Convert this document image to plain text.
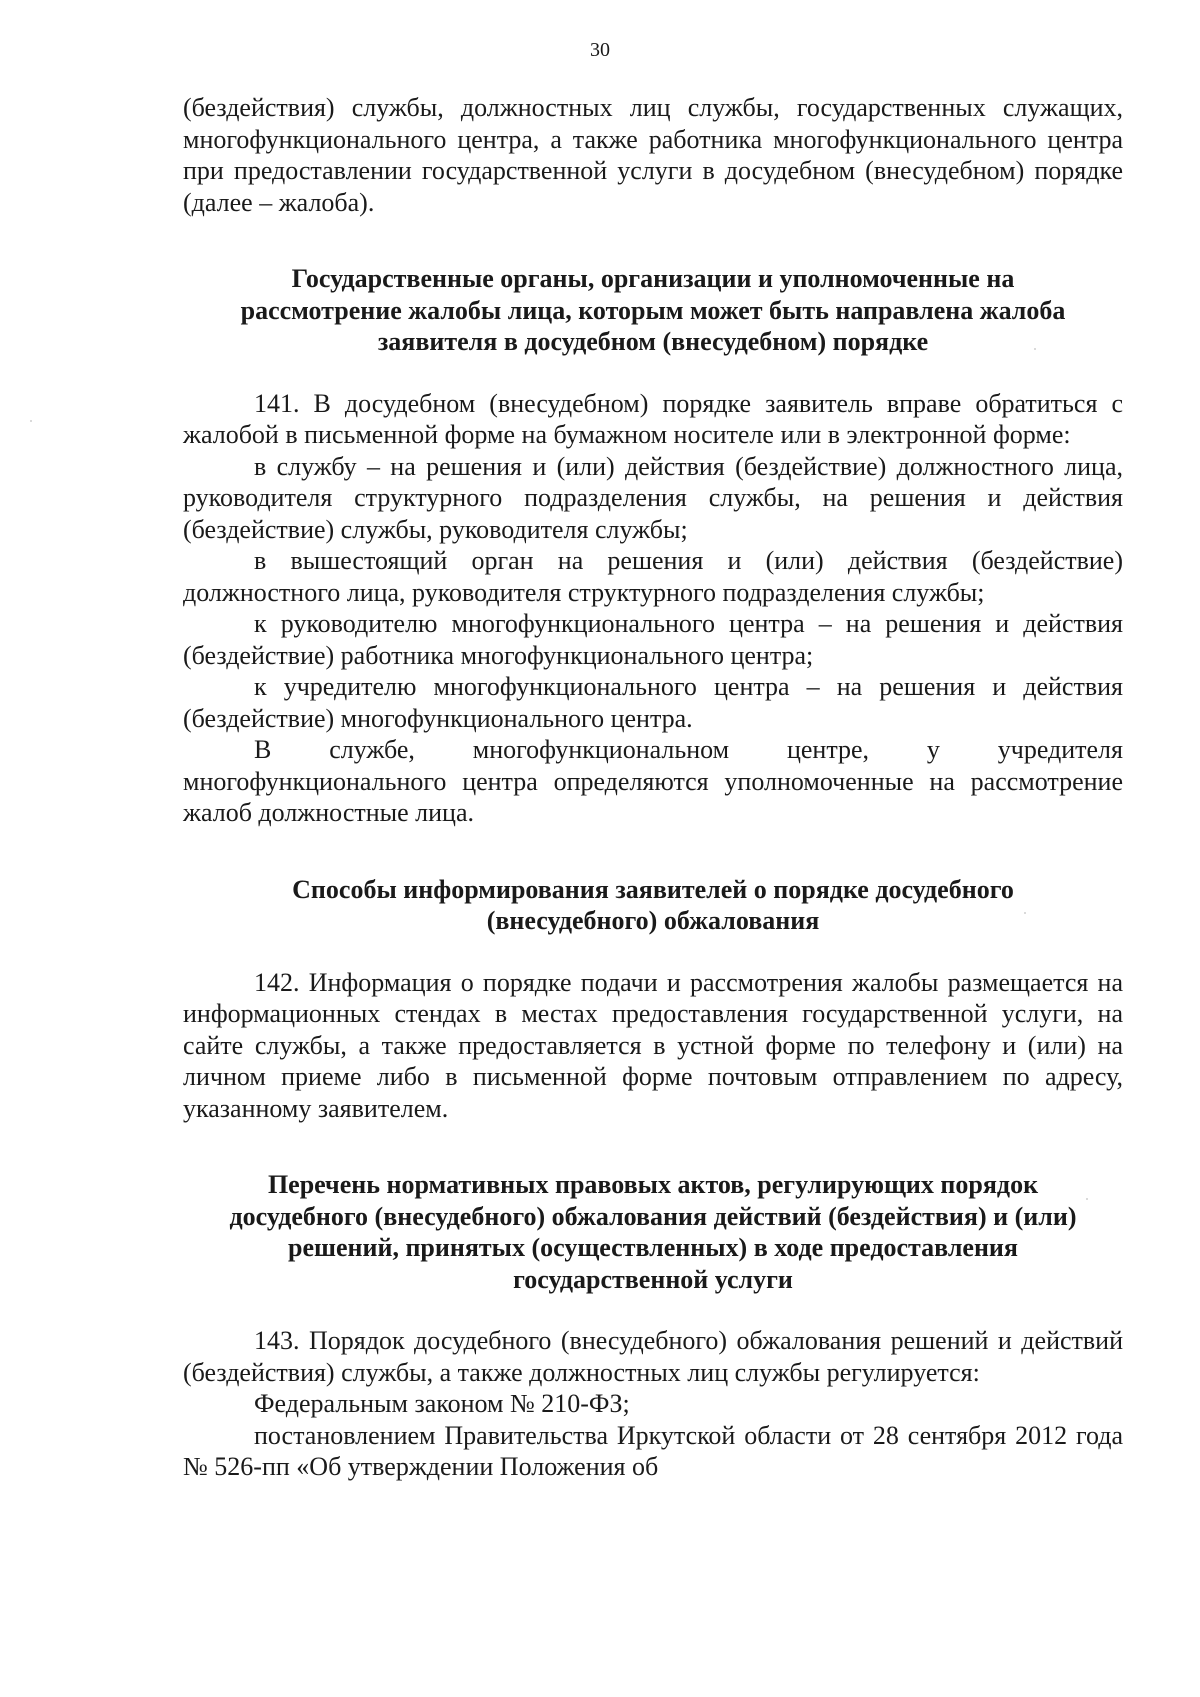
30

(бездействия) службы, должностных лиц службы, государственных служащих, многофункционального центра, а также работника многофункционального центра при предоставлении государственной услуги в досудебном (внесудебном) порядке (далее – жалоба).

Государственные органы, организации и уполномоченные на

рассмотрение жалобы лица, которым может быть направлена жалоба

заявителя в досудебном (внесудебном) порядке

141. В досудебном (внесудебном) порядке заявитель вправе обратиться с жалобой в письменной форме на бумажном носителе или в электронной форме:

в службу – на решения и (или) действия (бездействие) должностного лица, руководителя структурного подразделения службы, на решения и действия (бездействие) службы, руководителя службы;

в вышестоящий орган на решения и (или) действия (бездействие) должностного лица, руководителя структурного подразделения службы;

к руководителю многофункционального центра – на решения и действия (бездействие) работника многофункционального центра;

к учредителю многофункционального центра – на решения и действия (бездействие) многофункционального центра.

В службе, многофункциональном центре, у учредителя многофункционального центра определяются уполномоченные на рассмотрение жалоб должностные лица.

Способы информирования заявителей о порядке досудебного

(внесудебного) обжалования

142. Информация о порядке подачи и рассмотрения жалобы размещается на информационных стендах в местах предоставления государственной услуги, на сайте службы, а также предоставляется в устной форме по телефону и (или) на личном приеме либо в письменной форме почтовым отправлением по адресу, указанному заявителем.

Перечень нормативных правовых актов, регулирующих порядок

досудебного (внесудебного) обжалования действий (бездействия) и (или)

решений, принятых (осуществленных) в ходе предоставления

государственной услуги

143. Порядок досудебного (внесудебного) обжалования решений и действий (бездействия) службы, а также должностных лиц службы регулируется:

Федеральным законом № 210-ФЗ;

постановлением Правительства Иркутской области от 28 сентября 2012 года № 526-пп «Об утверждении Положения об
